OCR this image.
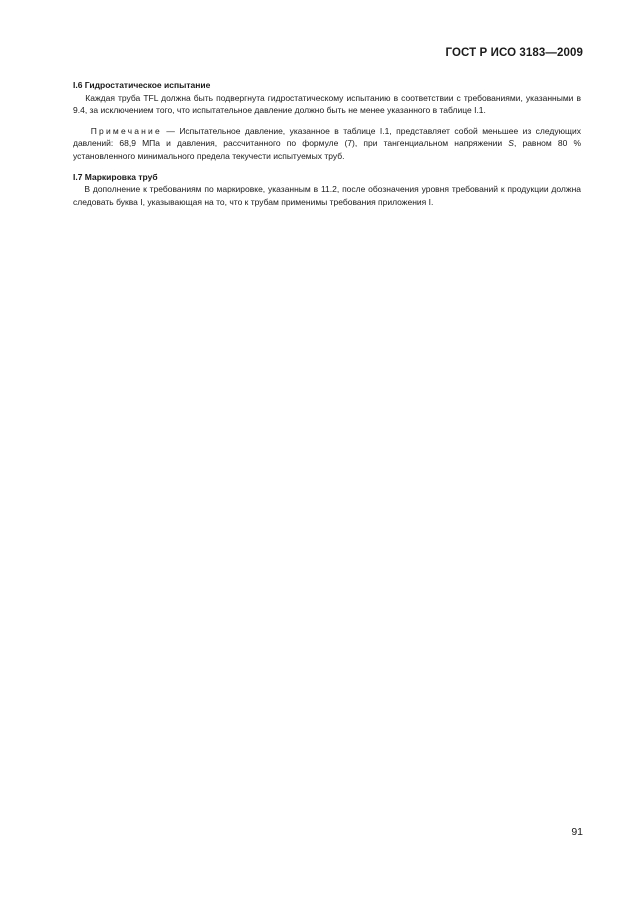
ГОСТ Р ИСО 3183—2009

I.6 Гидростатическое испытание

Каждая труба TFL должна быть подвергнута гидростатическому испытанию в соответствии с требованиями, указанными в 9.4, за исключением того, что испытательное давление должно быть не менее указанного в таблице I.1.

Примечание — Испытательное давление, указанное в таблице I.1, представляет собой меньшее из следующих давлений: 68,9 МПа и давления, рассчитанного по формуле (7), при тангенциальном напряжении S, равном 80 % установленного минимального предела текучести испытуемых труб.

I.7 Маркировка труб

В дополнение к требованиям по маркировке, указанным в 11.2, после обозначения уровня требований к продукции должна следовать буква I, указывающая на то, что к трубам применимы требования приложения I.

91
